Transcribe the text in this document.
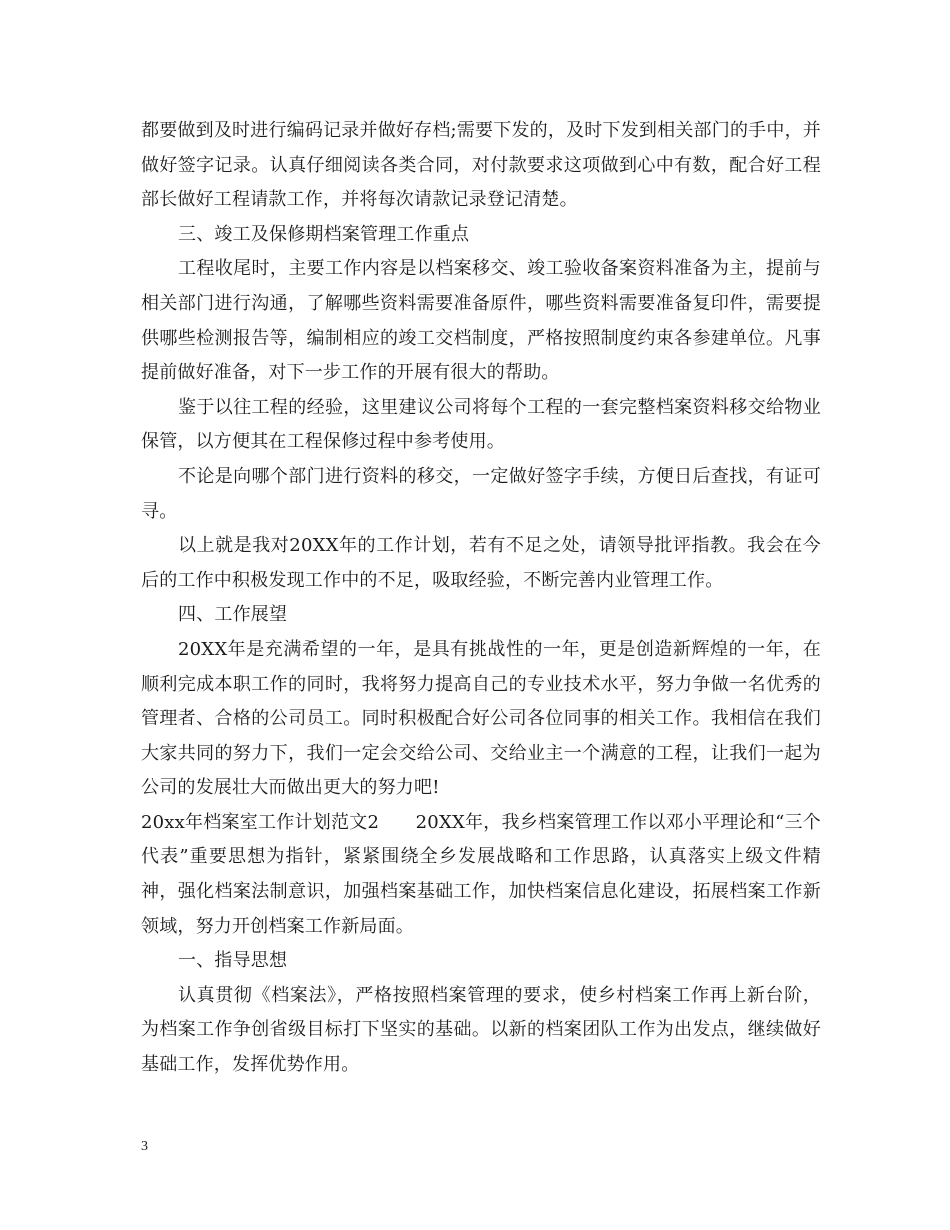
都要做到及时进行编码记录并做好存档;需要下发的，及时下发到相关部门的手中，并做好签字记录。认真仔细阅读各类合同，对付款要求这项做到心中有数，配合好工程部长做好工程请款工作，并将每次请款记录登记清楚。

三、竣工及保修期档案管理工作重点

工程收尾时，主要工作内容是以档案移交、竣工验收备案资料准备为主，提前与相关部门进行沟通，了解哪些资料需要准备原件，哪些资料需要准备复印件，需要提供哪些检测报告等，编制相应的竣工交档制度，严格按照制度约束各参建单位。凡事提前做好准备，对下一步工作的开展有很大的帮助。

鉴于以往工程的经验，这里建议公司将每个工程的一套完整档案资料移交给物业保管，以方便其在工程保修过程中参考使用。

不论是向哪个部门进行资料的移交，一定做好签字手续，方便日后查找，有证可寻。

以上就是我对20XX年的工作计划，若有不足之处，请领导批评指教。我会在今后的工作中积极发现工作中的不足，吸取经验，不断完善内业管理工作。

四、工作展望

20XX年是充满希望的一年，是具有挑战性的一年，更是创造新辉煌的一年，在顺利完成本职工作的同时，我将努力提高自己的专业技术水平，努力争做一名优秀的管理者、合格的公司员工。同时积极配合好公司各位同事的相关工作。我相信在我们大家共同的努力下，我们一定会交给公司、交给业主一个满意的工程，让我们一起为公司的发展壮大而做出更大的努力吧!

20xx年档案室工作计划范文2　　20XX年，我乡档案管理工作以邓小平理论和“三个代表”重要思想为指针，紧紧围绕全乡发展战略和工作思路，认真落实上级文件精神，强化档案法制意识，加强档案基础工作，加快档案信息化建设，拓展档案工作新领域，努力开创档案工作新局面。

一、指导思想

认真贯彻《档案法》，严格按照档案管理的要求，使乡村档案工作再上新台阶，为档案工作争创省级目标打下坚实的基础。以新的档案团队工作为出发点，继续做好基础工作，发挥优势作用。

3
